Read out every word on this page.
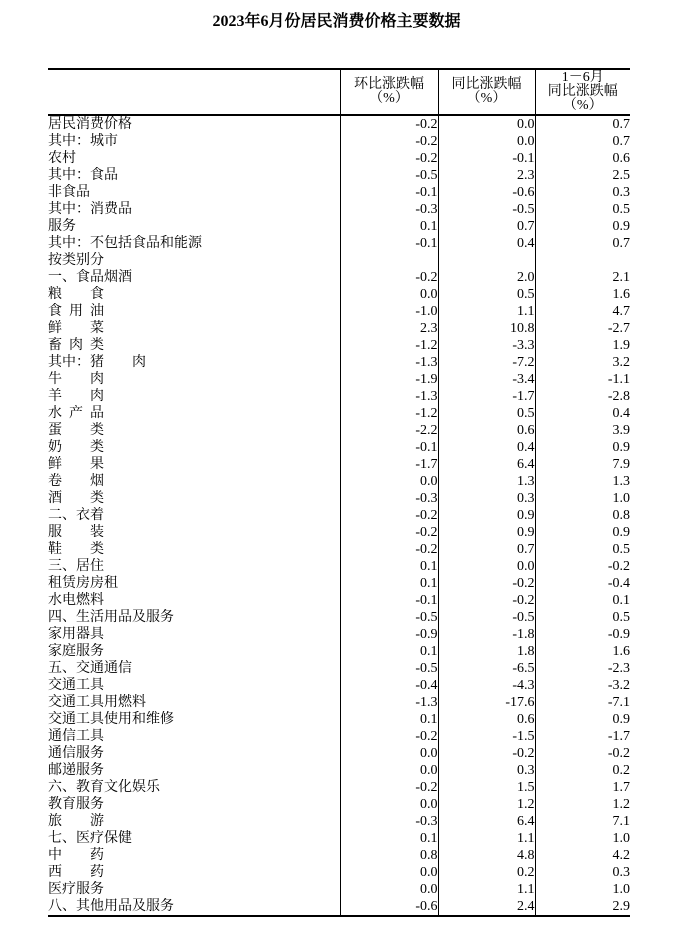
2023年6月份居民消费价格主要数据

环比涨跌幅
（%）

同比涨跌幅
（%）

1－6月
同比涨跌幅
（%）

居民消费价格	-0.2	0.0	0.7
其中：城市	-0.2	0.0	0.7
农村	-0.2	-0.1	0.6
其中：食品	-0.5	2.3	2.5
非食品	-0.1	-0.6	0.3
其中：消费品	-0.3	-0.5	0.5
服务	0.1	0.7	0.9
其中：不包括食品和能源	-0.1	0.4	0.7
按类别分			
一、食品烟酒	-0.2	2.0	2.1
粮  食	0.0	0.5	1.6
食 用 油	-1.0	1.1	4.7
鲜  菜	2.3	10.8	-2.7
畜 肉 类	-1.2	-3.3	1.9
其中：猪  肉	-1.3	-7.2	3.2
牛  肉	-1.9	-3.4	-1.1
羊  肉	-1.3	-1.7	-2.8
水 产 品	-1.2	0.5	0.4
蛋  类	-2.2	0.6	3.9
奶  类	-0.1	0.4	0.9
鲜  果	-1.7	6.4	7.9
卷  烟	0.0	1.3	1.3
酒  类	-0.3	0.3	1.0
二、衣着	-0.2	0.9	0.8
服  装	-0.2	0.9	0.9
鞋  类	-0.2	0.7	0.5
三、居住	0.1	0.0	-0.2
租赁房房租	0.1	-0.2	-0.4
水电燃料	-0.1	-0.2	0.1
四、生活用品及服务	-0.5	-0.5	0.5
家用器具	-0.9	-1.8	-0.9
家庭服务	0.1	1.8	1.6
五、交通通信	-0.5	-6.5	-2.3
交通工具	-0.4	-4.3	-3.2
交通工具用燃料	-1.3	-17.6	-7.1
交通工具使用和维修	0.1	0.6	0.9
通信工具	-0.2	-1.5	-1.7
通信服务	0.0	-0.2	-0.2
邮递服务	0.0	0.3	0.2
六、教育文化娱乐	-0.2	1.5	1.7
教育服务	0.0	1.2	1.2
旅  游	-0.3	6.4	7.1
七、医疗保健	0.1	1.1	1.0
中  药	0.8	4.8	4.2
西  药	0.0	0.2	0.3
医疗服务	0.0	1.1	1.0
八、其他用品及服务	-0.6	2.4	2.9
